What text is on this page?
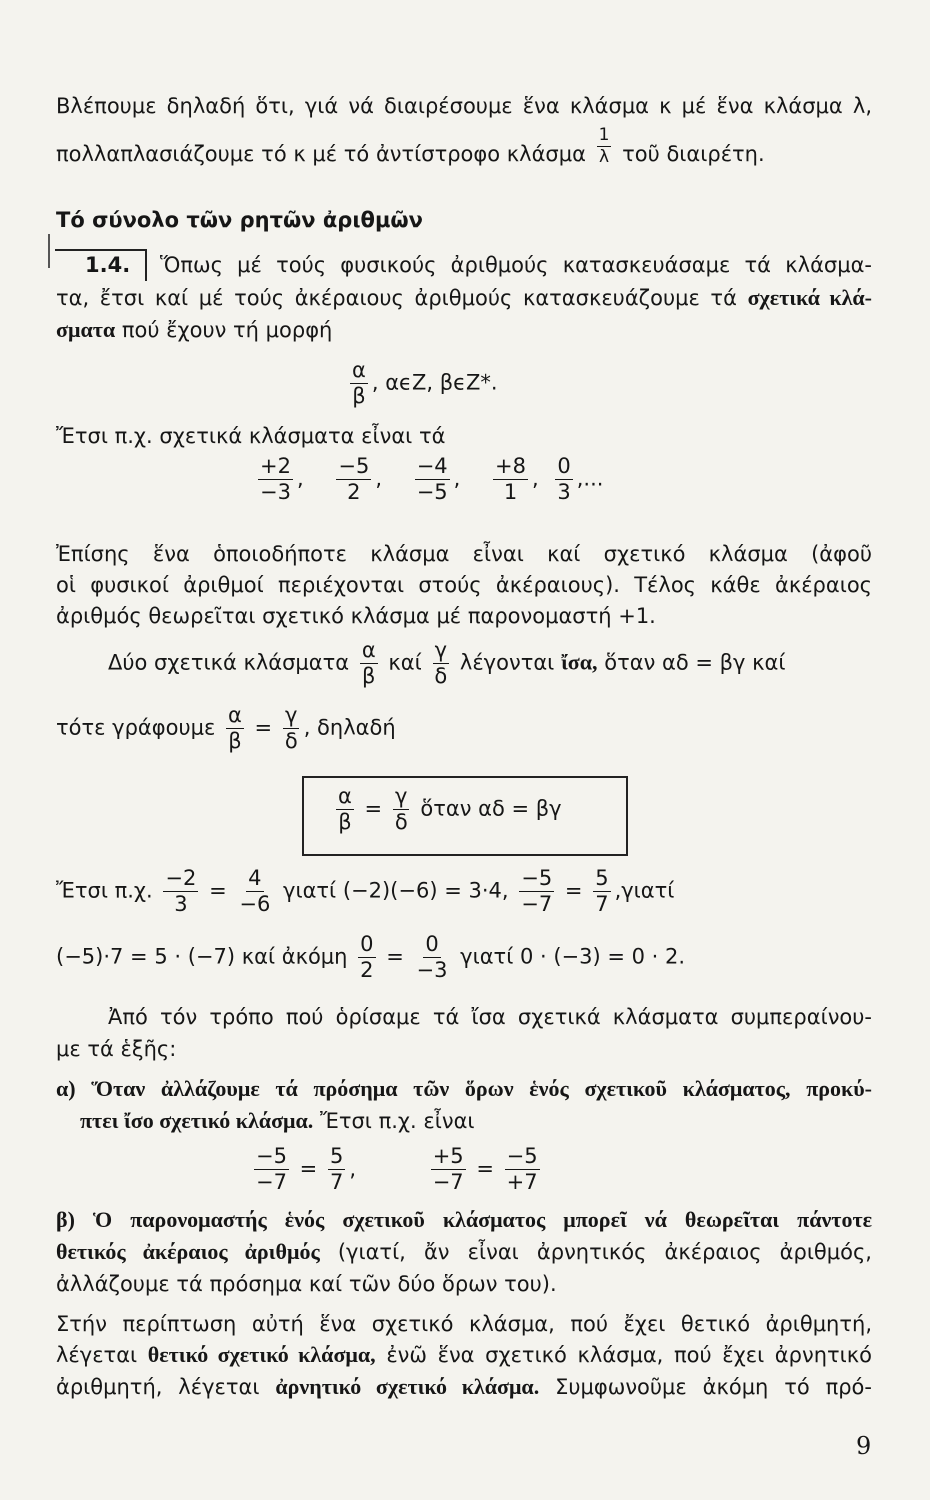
Βλέπουμε δηλαδή ὅτι, γιά νά διαιρέσουμε ἕνα κλάσμα κ μέ ἕνα κλάσμα λ,
πολλαπλασιάζουμε τό κ μέ τό ἀντίστροφο κλάσμα $\frac{1}{\lambda}$ τοῦ διαιρέτη.
Τό σύνολο τῶν ρητῶν ἀριθμῶν
1.4. Ὅπως μέ τούς φυσικούς ἀριθμούς κατασκευάσαμε τά κλάσμα-
τα, ἔτσι καί μέ τούς ἀκέραιους ἀριθμούς κατασκευάζουμε τά σχετικά κλά-
σματα πού ἔχουν τή μορφή
$\frac{\alpha}{\beta}$ , αϵZ, βϵZ*.
Ἔτσι π.χ. σχετικά κλάσματα εἶναι τά
$\frac{+2}{-3}$ , $\frac{-5}{2}$ , $\frac{-4}{-5}$ , $\frac{+8}{1}$ , $\frac{0}{3}$ ,...
Ἐπίσης ἕνα ὁποιοδήποτε κλάσμα εἶναι καί σχετικό κλάσμα (ἀφοῦ
οἱ φυσικοί ἀριθμοί περιέχονται στούς ἀκέραιους). Τέλος κάθε ἀκέραιος
ἀριθμός θεωρεῖται σχετικό κλάσμα μέ παρονομαστή +1.
Δύο σχετικά κλάσματα $\frac{\alpha}{\beta}$ καί $\frac{\gamma}{\delta}$ λέγονται ἴσα, ὅταν αδ = βγ καί
τότε γράφουμε $\frac{\alpha}{\beta} = \frac{\gamma}{\delta}$ , δηλαδή
$\frac{\alpha}{\beta} = \frac{\gamma}{\delta}$ ὅταν αδ = βγ
Ἔτσι π.χ. $\frac{-2}{3} = \frac{4}{-6}$ γιατί (−2)(−6) = 3·4, $\frac{-5}{-7} = \frac{5}{7} ,\gamma\iota\alpha\tau ί$
(−5)·7 = 5 · (−7) καί ἀκόμη $\frac{0}{2} = \frac{0}{-3}$ γιατί 0 · (−3) = 0 · 2.
Ἀπό τόν τρόπο πού ὁρίσαμε τά ἴσα σχετικά κλάσματα συμπεραίνου-
με τά ἑξῆς:
α) Ὅταν ἀλλάζουμε τά πρόσημα τῶν ὅρων ἑνός σχετικοῦ κλάσματος, προκύ-
πτει ἴσο σχετικό κλάσμα. Ἔτσι π.χ. εἶναι
$\frac{-5}{-7} = \frac{5}{7}$ ,	$\frac{+5}{-7} = \frac{-5}{+7}$
β) Ὁ παρονομαστής ἑνός σχετικοῦ κλάσματος μπορεῖ νά θεωρεῖται πάντοτε
θετικός ἀκέραιος ἀριθμός (γιατί, ἄν εἶναι ἀρνητικός ἀκέραιος ἀριθμός,
ἀλλάζουμε τά πρόσημα καί τῶν δύο ὅρων του).
Στήν περίπτωση αὐτή ἕνα σχετικό κλάσμα, πού ἔχει θετικό ἀριθμητή,
λέγεται θετικό σχετικό κλάσμα, ἐνῶ ἕνα σχετικό κλάσμα, πού ἔχει ἀρνητικό
ἀριθμητή, λέγεται ἀρνητικό σχετικό κλάσμα. Συμφωνοῦμε ἀκόμη τό πρό-
9
